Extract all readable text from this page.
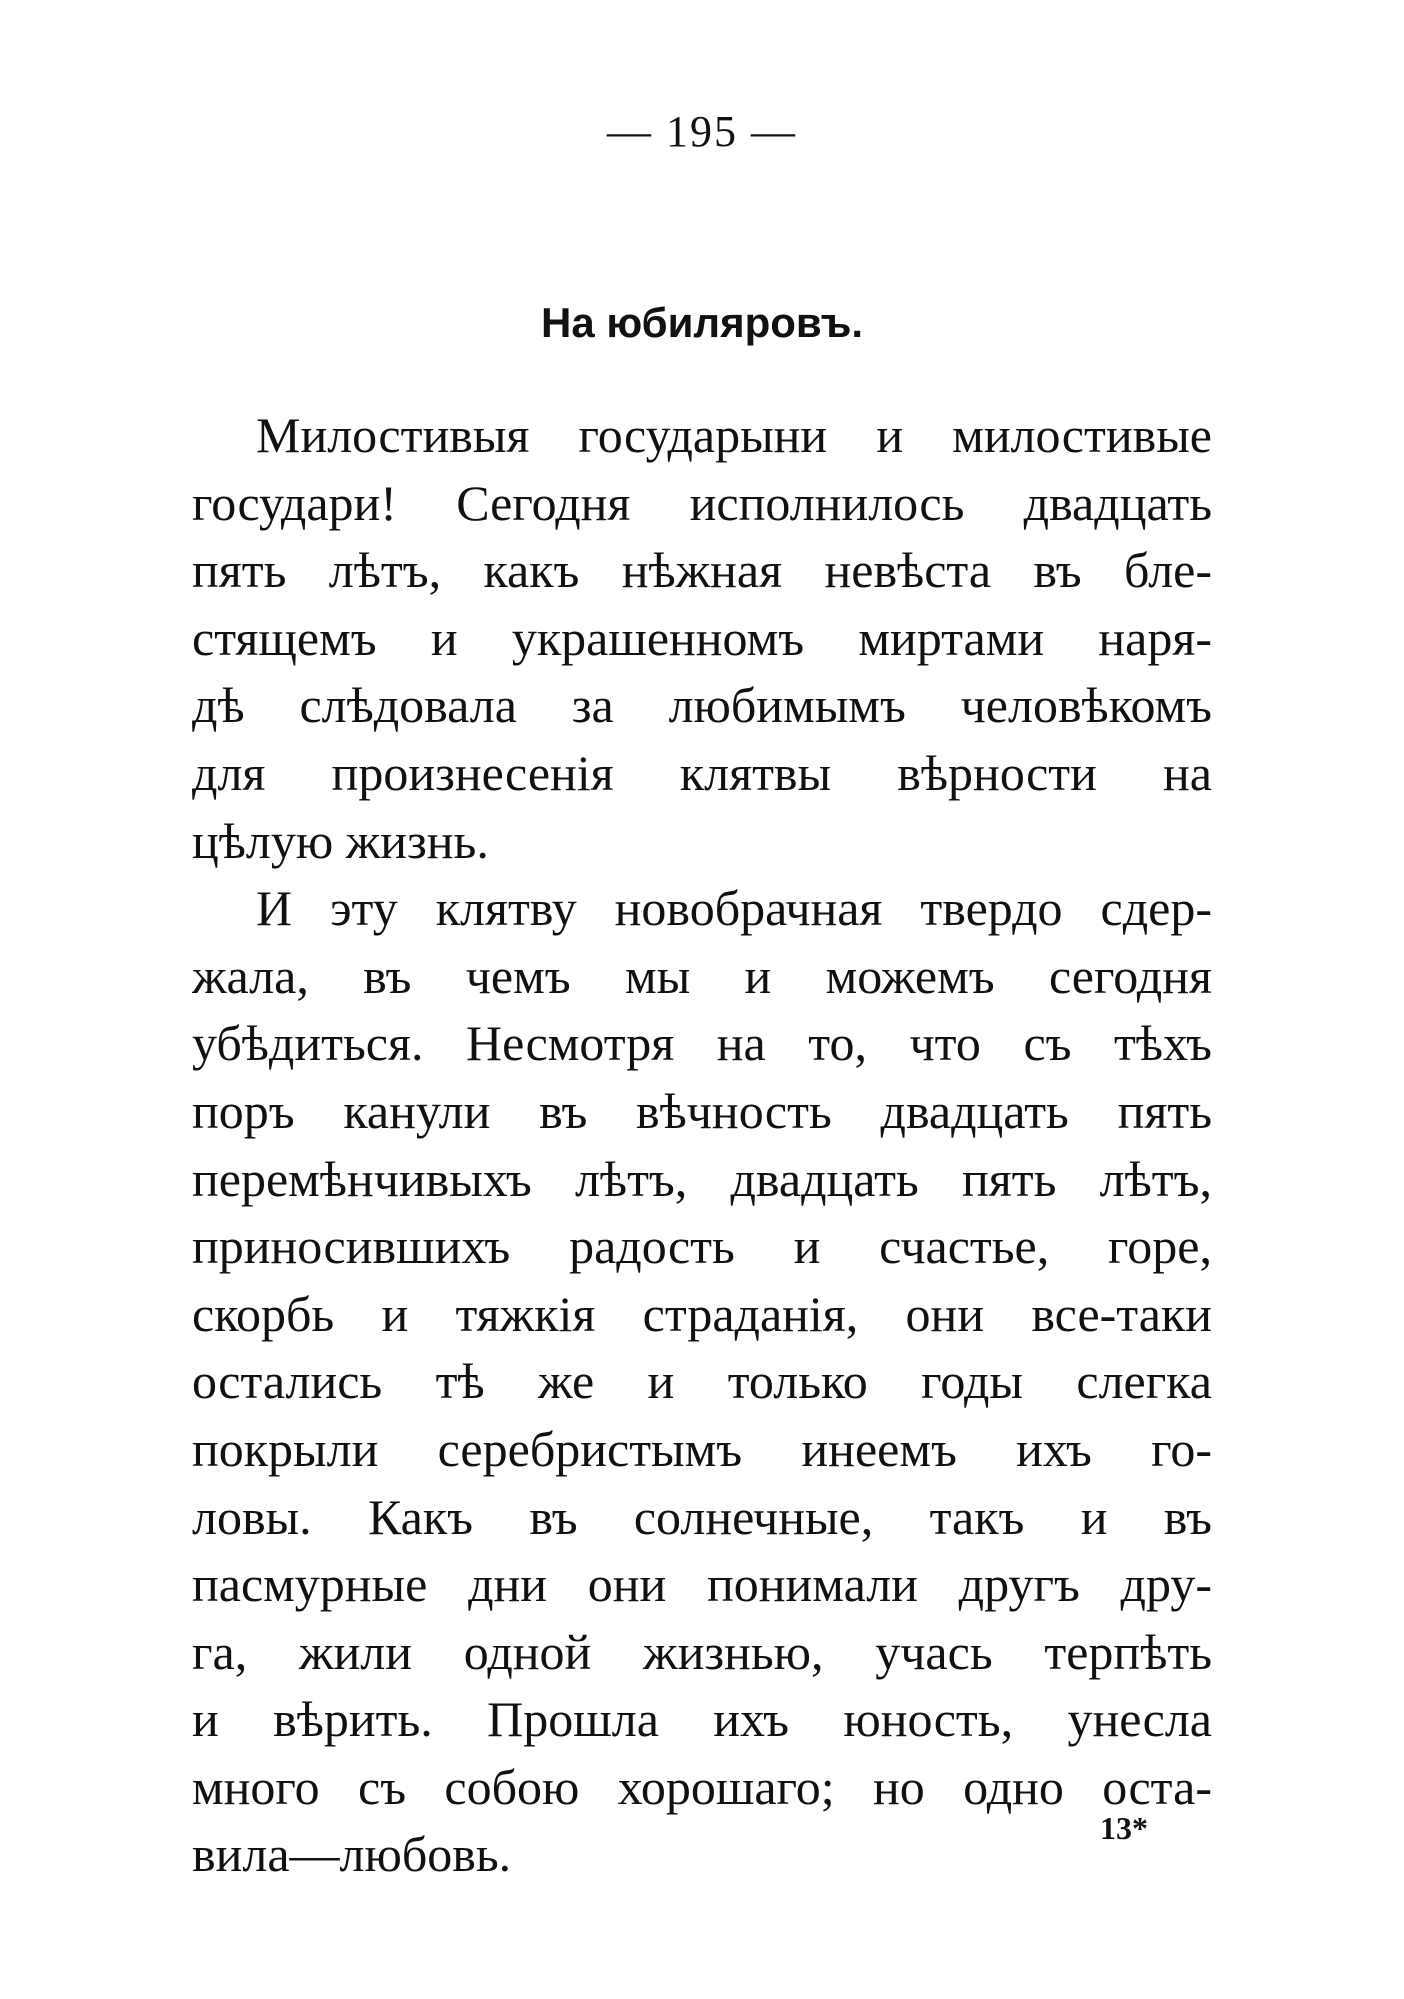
— 195 —
На юбиляровъ.
Милостивыя государыни и милостивые
государи! Сегодня исполнилось двадцать
пять лѣтъ, какъ нѣжная невѣста въ бле-
стящемъ и украшенномъ миртами наря-
дѣ слѣдовала за любимымъ человѣкомъ
для произнесенія клятвы вѣрности на
цѣлую жизнь.
И эту клятву новобрачная твердо сдер-
жала, въ чемъ мы и можемъ сегодня
убѣдиться. Несмотря на то, что съ тѣхъ
поръ канули въ вѣчность двадцать пять
перемѣнчивыхъ лѣтъ, двадцать пять лѣтъ,
приносившихъ радость и счастье, горе,
скорбь и тяжкія страданія, они все-таки
остались тѣ же и только годы слегка
покрыли серебристымъ инеемъ ихъ го-
ловы. Какъ въ солнечные, такъ и въ
пасмурные дни они понимали другъ дру-
га, жили одной жизнью, учась терпѣть
и вѣрить. Прошла ихъ юность, унесла
много съ собою хорошаго; но одно оста-
вила—любовь.	13*
